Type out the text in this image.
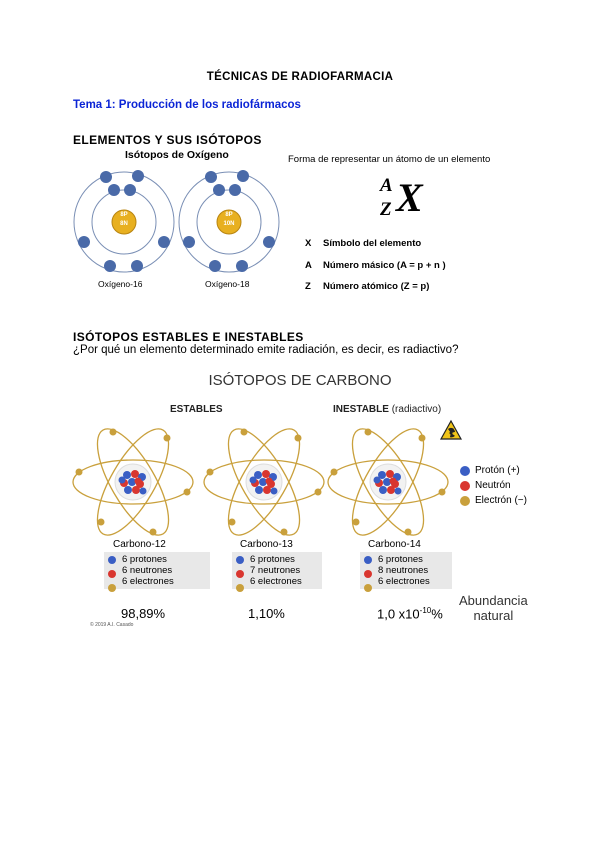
TÉCNICAS DE RADIOFARMACIA
Tema 1: Producción de los radiofármacos
ELEMENTOS Y SUS ISÓTOPOS
Isótopos de Oxígeno
8P
8N
8P
10N
Oxígeno-16	Oxígeno-18
Forma de representar un átomo de un elemento
A
Z X
X Símbolo del elemento
A Número másico (A = p + n )
Z Número atómico (Z = p)
ISÓTOPOS ESTABLES E INESTABLES
¿Por qué un elemento determinado emite radiación, es decir, es radiactivo?
ISÓTOPOS DE CARBONO
ESTABLES	INESTABLE (radiactivo)
Protón (+)
Neutrón
Electrón (−)
Carbono-12	Carbono-13	Carbono-14
6 protones
6 neutrones
6 electrones
6 protones
7 neutrones
6 electrones
6 protones
8 neutrones
6 electrones
98,89%	1,10%	1,0 $x10^{-10}\%$
Abundancia
natural
© 2019 A.I. Casado
